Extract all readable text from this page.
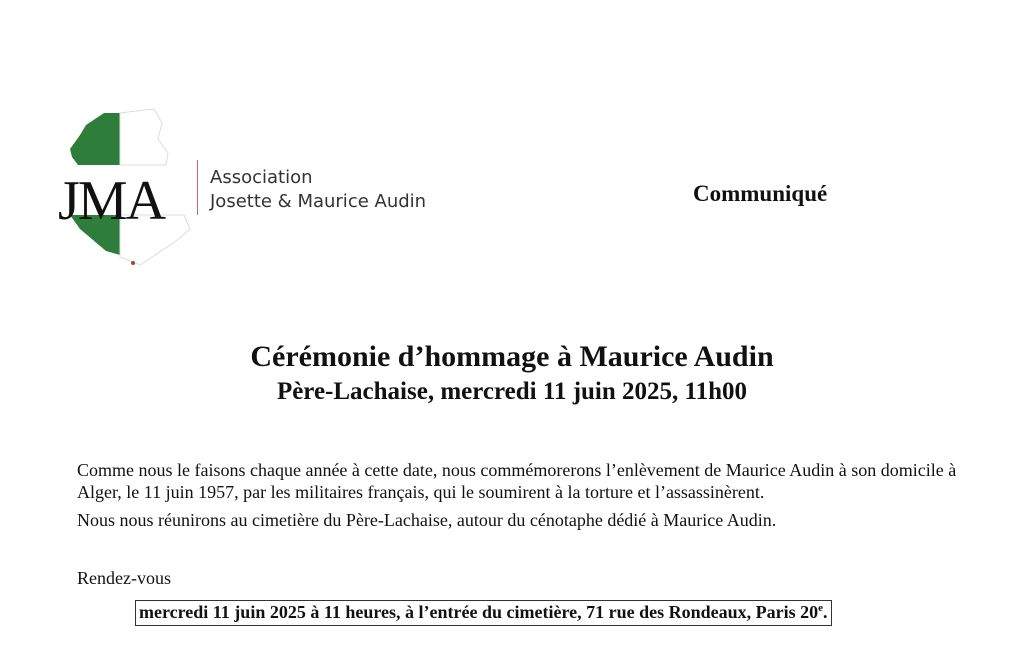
JMA	Association
Josette & Maurice Audin	Communiqué
Cérémonie d’hommage à Maurice Audin
Père-Lachaise, mercredi 11 juin 2025, 11h00
Comme nous le faisons chaque année à cette date, nous commémorerons l’enlèvement de Maurice Audin à son domicile à Alger, le 11 juin 1957, par les militaires français, qui le soumirent à la torture et l’assassinèrent.
Nous nous réunirons au cimetière du Père-Lachaise, autour du cénotaphe dédié à Maurice Audin.
Rendez-vous
mercredi 11 juin 2025 à 11 heures, à l’entrée du cimetière, 71 rue des Rondeaux, Paris 20e.
